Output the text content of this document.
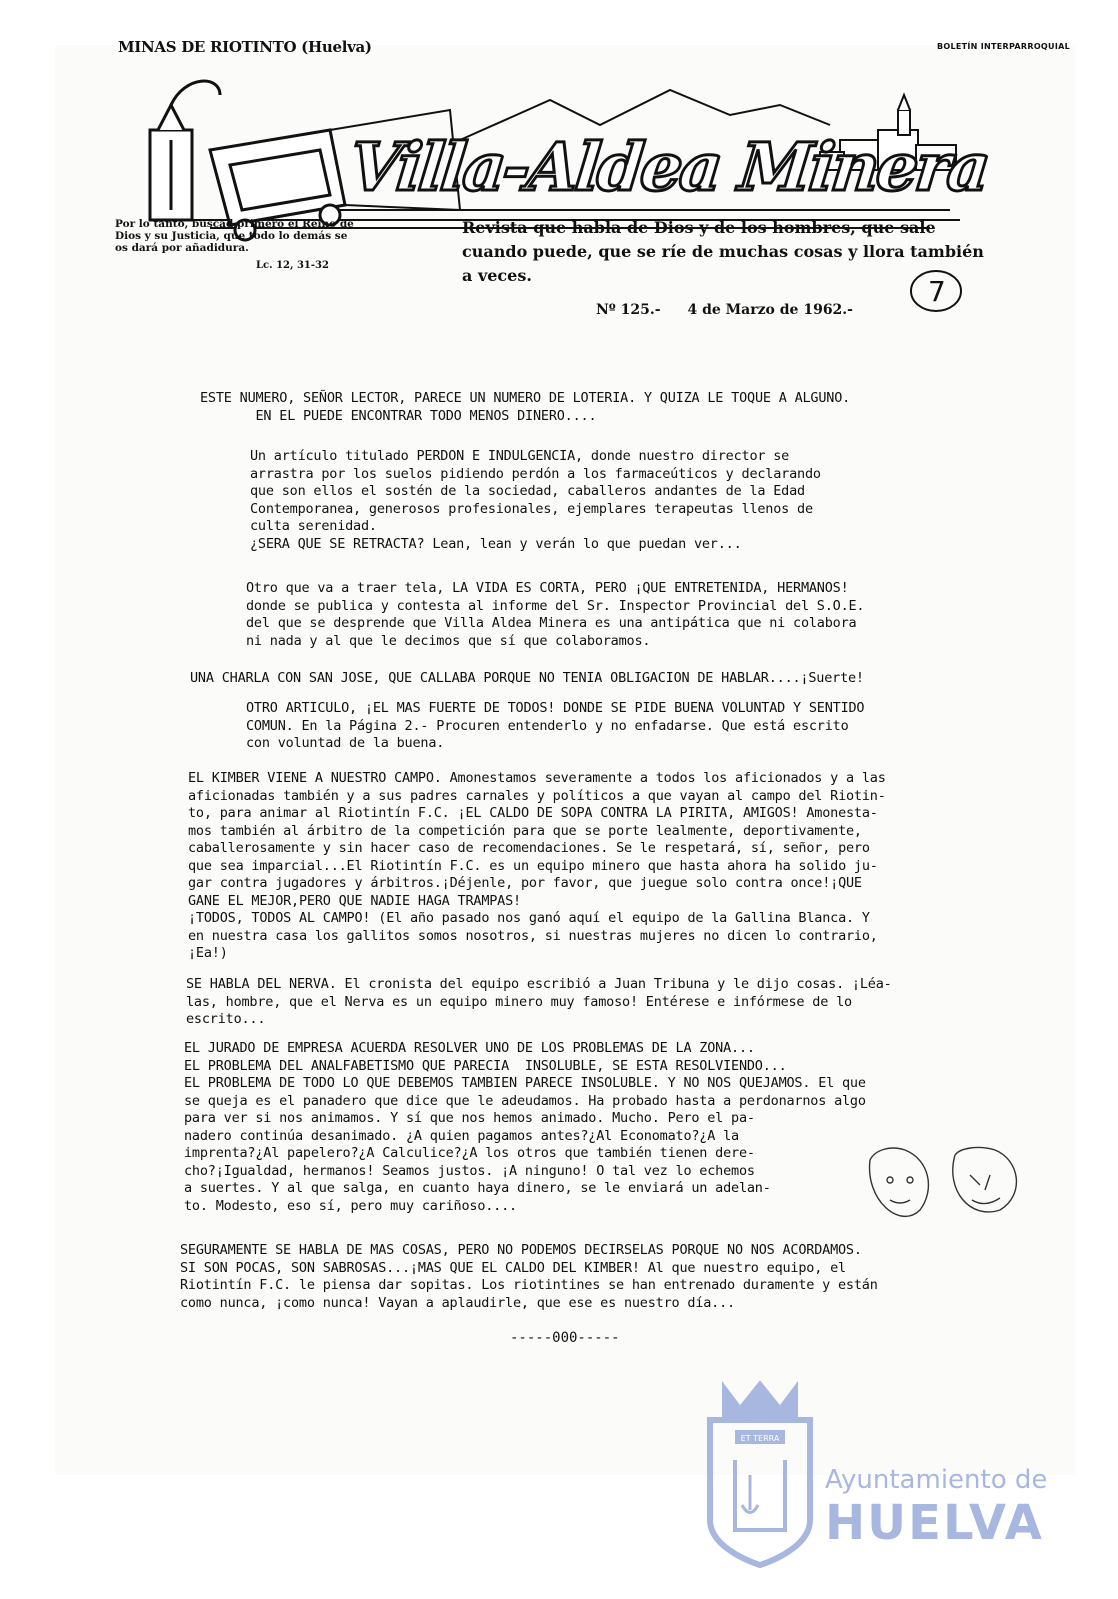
MINAS DE RIOTINTO (Huelva)	BOLETÍN INTERPARROQUIAL
Villa-Aldea Minera
Por lo tanto, buscad primero el Reino de Dios y su Justicia, que todo lo demás se os dará por añadidura.
Lc. 12, 31-32
Revista que habla de Dios y de los hombres, que sale cuando puede, que se ríe de muchas cosas y llora también a veces.
Nº 125.- 4 de Marzo de 1962.-
7
ESTE NUMERO, SEÑOR LECTOR, PARECE UN NUMERO DE LOTERIA. Y QUIZA LE TOQUE A ALGUNO.
EN EL PUEDE ENCONTRAR TODO MENOS DINERO....
Un artículo titulado PERDON E INDULGENCIA, donde nuestro director se
arrastra por los suelos pidiendo perdón a los farmaceúticos y declarando
que son ellos el sostén de la sociedad, caballeros andantes de la Edad
Contemporanea, generosos profesionales, ejemplares terapeutas llenos de
culta serenidad.
¿SERA QUE SE RETRACTA? Lean, lean y verán lo que puedan ver...
Otro que va a traer tela, LA VIDA ES CORTA, PERO ¡QUE ENTRETENIDA, HERMANOS!
donde se publica y contesta al informe del Sr. Inspector Provincial del S.O.E.
del que se desprende que Villa Aldea Minera es una antipática que ni colabora
ni nada y al que le decimos que sí que colaboramos.
UNA CHARLA CON SAN JOSE, QUE CALLABA PORQUE NO TENIA OBLIGACION DE HABLAR....¡Suerte!
OTRO ARTICULO, ¡EL MAS FUERTE DE TODOS! DONDE SE PIDE BUENA VOLUNTAD Y SENTIDO
COMUN. En la Página 2.- Procuren entenderlo y no enfadarse. Que está escrito
con voluntad de la buena.
EL KIMBER VIENE A NUESTRO CAMPO. Amonestamos severamente a todos los aficionados y a las
aficionadas también y a sus padres carnales y políticos a que vayan al campo del Riotin-
to, para animar al Riotintín F.C. ¡EL CALDO DE SOPA CONTRA LA PIRITA, AMIGOS! Amonesta-
mos también al árbitro de la competición para que se porte lealmente, deportivamente,
caballerosamente y sin hacer caso de recomendaciones. Se le respetará, sí, señor, pero
que sea imparcial...El Riotintín F.C. es un equipo minero que hasta ahora ha solido ju-
gar contra jugadores y árbitros.¡Déjenle, por favor, que juegue solo contra once!¡QUE
GANE EL MEJOR,PERO QUE NADIE HAGA TRAMPAS!
¡TODOS, TODOS AL CAMPO! (El año pasado nos ganó aquí el equipo de la Gallina Blanca. Y
en nuestra casa los gallitos somos nosotros, si nuestras mujeres no dicen lo contrario,
¡Ea!)
SE HABLA DEL NERVA. El cronista del equipo escribió a Juan Tribuna y le dijo cosas. ¡Léa-
las, hombre, que el Nerva es un equipo minero muy famoso! Entérese e infórmese de lo
escrito...
EL JURADO DE EMPRESA ACUERDA RESOLVER UNO DE LOS PROBLEMAS DE LA ZONA...
EL PROBLEMA DEL ANALFABETISMO QUE PARECIA  INSOLUBLE, SE ESTA RESOLVIENDO...
EL PROBLEMA DE TODO LO QUE DEBEMOS TAMBIEN PARECE INSOLUBLE. Y NO NOS QUEJAMOS. El que
se queja es el panadero que dice que le adeudamos. Ha probado hasta a perdonarnos algo
para ver si nos animamos. Y sí que nos hemos animado. Mucho. Pero el pa-
nadero continúa desanimado. ¿A quien pagamos antes?¿Al Economato?¿A la
imprenta?¿Al papelero?¿A Calculice?¿A los otros que también tienen dere-
cho?¡Igualdad, hermanos! Seamos justos. ¡A ninguno! O tal vez lo echemos
a suertes. Y al que salga, en cuanto haya dinero, se le enviará un adelan-
to. Modesto, eso sí, pero muy cariñoso....
SEGURAMENTE SE HABLA DE MAS COSAS, PERO NO PODEMOS DECIRSELAS PORQUE NO NOS ACORDAMOS.
SI SON POCAS, SON SABROSAS...¡MAS QUE EL CALDO DEL KIMBER! Al que nuestro equipo, el
Riotintín F.C. le piensa dar sopitas. Los riotintines se han entrenado duramente y están
como nunca, ¡como nunca! Vayan a aplaudirle, que ese es nuestro día...
-----000-----
ET TERRA
Ayuntamiento de
HUELVA
